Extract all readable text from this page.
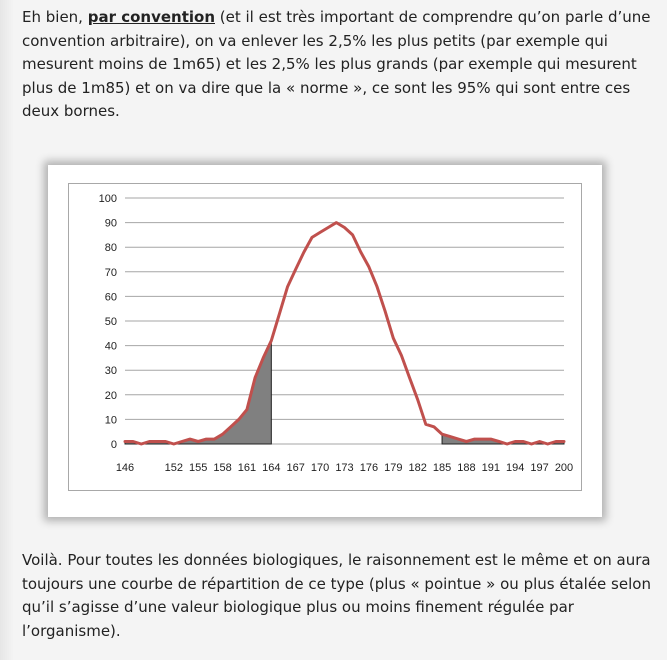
Eh bien, par convention (et il est très important de comprendre qu’on parle d’une convention arbitraire), on va enlever les 2,5% les plus petits (par exemple qui mesurent moins de 1m65) et les 2,5% les plus grands (par exemple qui mesurent plus de 1m85) et on va dire que la « norme », ce sont les 95% qui sont entre ces deux bornes.

0
10
20
30
40
50
60
70
80
90
100
146	152 155 158 161 164 167 170 173 176 179 182 185 188 191 194 197 200

Voilà. Pour toutes les données biologiques, le raisonnement est le même et on aura toujours une courbe de répartition de ce type (plus « pointue » ou plus étalée selon qu’il s’agisse d’une valeur biologique plus ou moins finement régulée par l’organisme).
